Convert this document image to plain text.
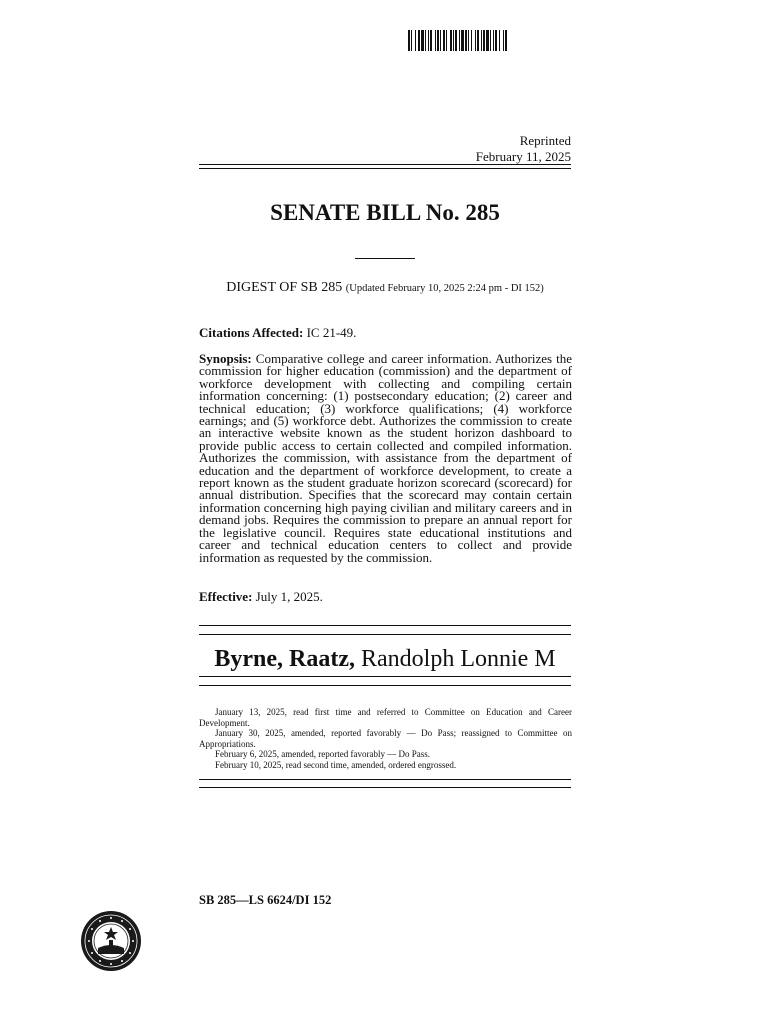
Reprinted
February 11, 2025
SENATE BILL No. 285
DIGEST OF SB 285 (Updated February 10, 2025 2:24 pm - DI 152)
Citations Affected: IC 21-49.
Synopsis: Comparative college and career information. Authorizes the commission for higher education (commission) and the department of workforce development with collecting and compiling certain information concerning: (1) postsecondary education; (2) career and technical education; (3) workforce qualifications; (4) workforce earnings; and (5) workforce debt. Authorizes the commission to create an interactive website known as the student horizon dashboard to provide public access to certain collected and compiled information. Authorizes the commission, with assistance from the department of education and the department of workforce development, to create a report known as the student graduate horizon scorecard (scorecard) for annual distribution. Specifies that the scorecard may contain certain information concerning high paying civilian and military careers and in demand jobs. Requires the commission to prepare an annual report for the legislative council. Requires state educational institutions and career and technical education centers to collect and provide information as requested by the commission.
Effective: July 1, 2025.
Byrne, Raatz, Randolph Lonnie M

January 13, 2025, read first time and referred to Committee on Education and Career Development.

January 30, 2025, amended, reported favorably — Do Pass; reassigned to Committee on Appropriations.

February 6, 2025, amended, reported favorably — Do Pass.

February 10, 2025, read second time, amended, ordered engrossed.

SB 285—LS 6624/DI 152
